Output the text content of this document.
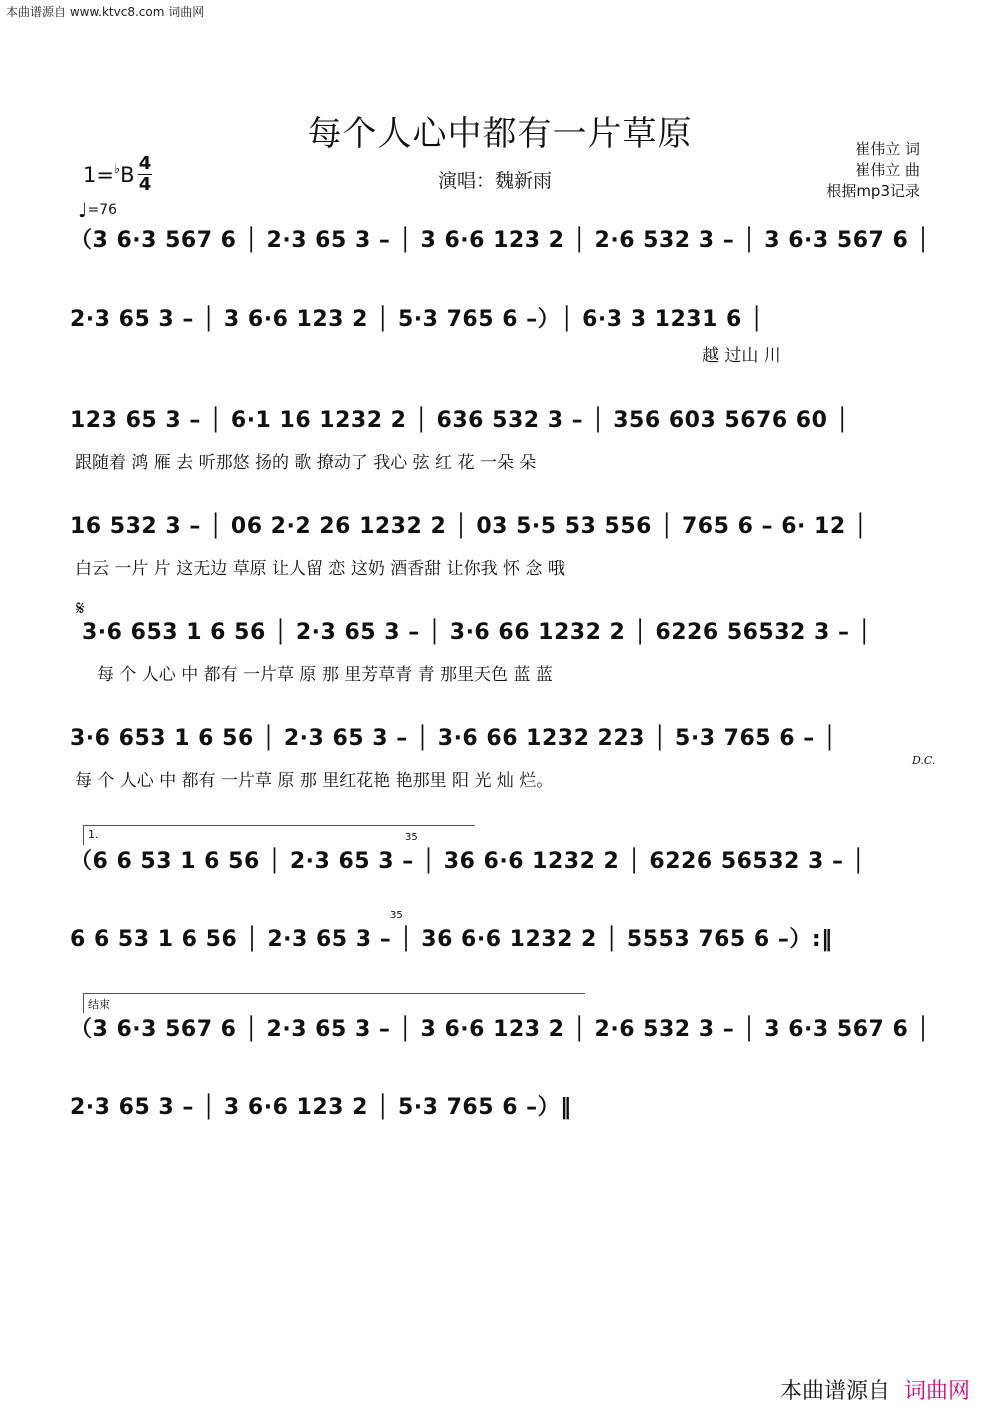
本曲谱源自 www.ktvc8.com 词曲网
每个人心中都有一片草原
演唱：魏新雨
崔伟立 词
崔伟立 曲
根据mp3记录
1=♭B 4
4
♩=76
（3 6·3 567 6 │ 2·3 65 3 – │ 3 6·6 123 2 │ 2·6 532 3 – │ 3 6·3 567 6 │
2·3 65 3 – │ 3 6·6 123 2 │ 5·3 765 6 –）│ 6·3 3 1231 6 │
越 过山 川
123 65 3 – │ 6·1 16 1232 2 │ 636 532 3 – │ 356 603 5676 60 │
跟随着 鸿 雁 去 听那悠 扬的 歌 撩动了 我心 弦 红 花 一朵 朵
16 532 3 – │ 06 2·2 26 1232 2 │ 03 5·5 53 556 │ 765 6 – 6· 12 │
白云 一片 片 这无边 草原 让人留 恋 这奶 酒香甜 让你我 怀 念 哦
𝄋
3·6 653 1 6 56 │ 2·3 65 3 – │ 3·6 66 1232 2 │ 6226 56532 3 – │
每 个 人心 中 都有 一片草 原 那 里芳草青 青 那里天色 蓝 蓝
3·6 653 1 6 56 │ 2·3 65 3 – │ 3·6 66 1232 223 │ 5·3 765 6 – │
每 个 人心 中 都有 一片草 原 那 里红花艳 艳那里 阳 光 灿 烂。
D.C.
1.	35
（6 6 53 1 6 56 │ 2·3 65 3 – │ 36 6·6 1232 2 │ 6226 56532 3 – │
6 6 53 1 6 56 │ 2·3 65 3 – │ 36 6·6 1232 2 │ 5553 765 6 –）:‖
35
结束
（3 6·3 567 6 │ 2·3 65 3 – │ 3 6·6 123 2 │ 2·6 532 3 – │ 3 6·3 567 6 │
2·3 65 3 – │ 3 6·6 123 2 │ 5·3 765 6 –）‖
本曲谱源自 词曲网
